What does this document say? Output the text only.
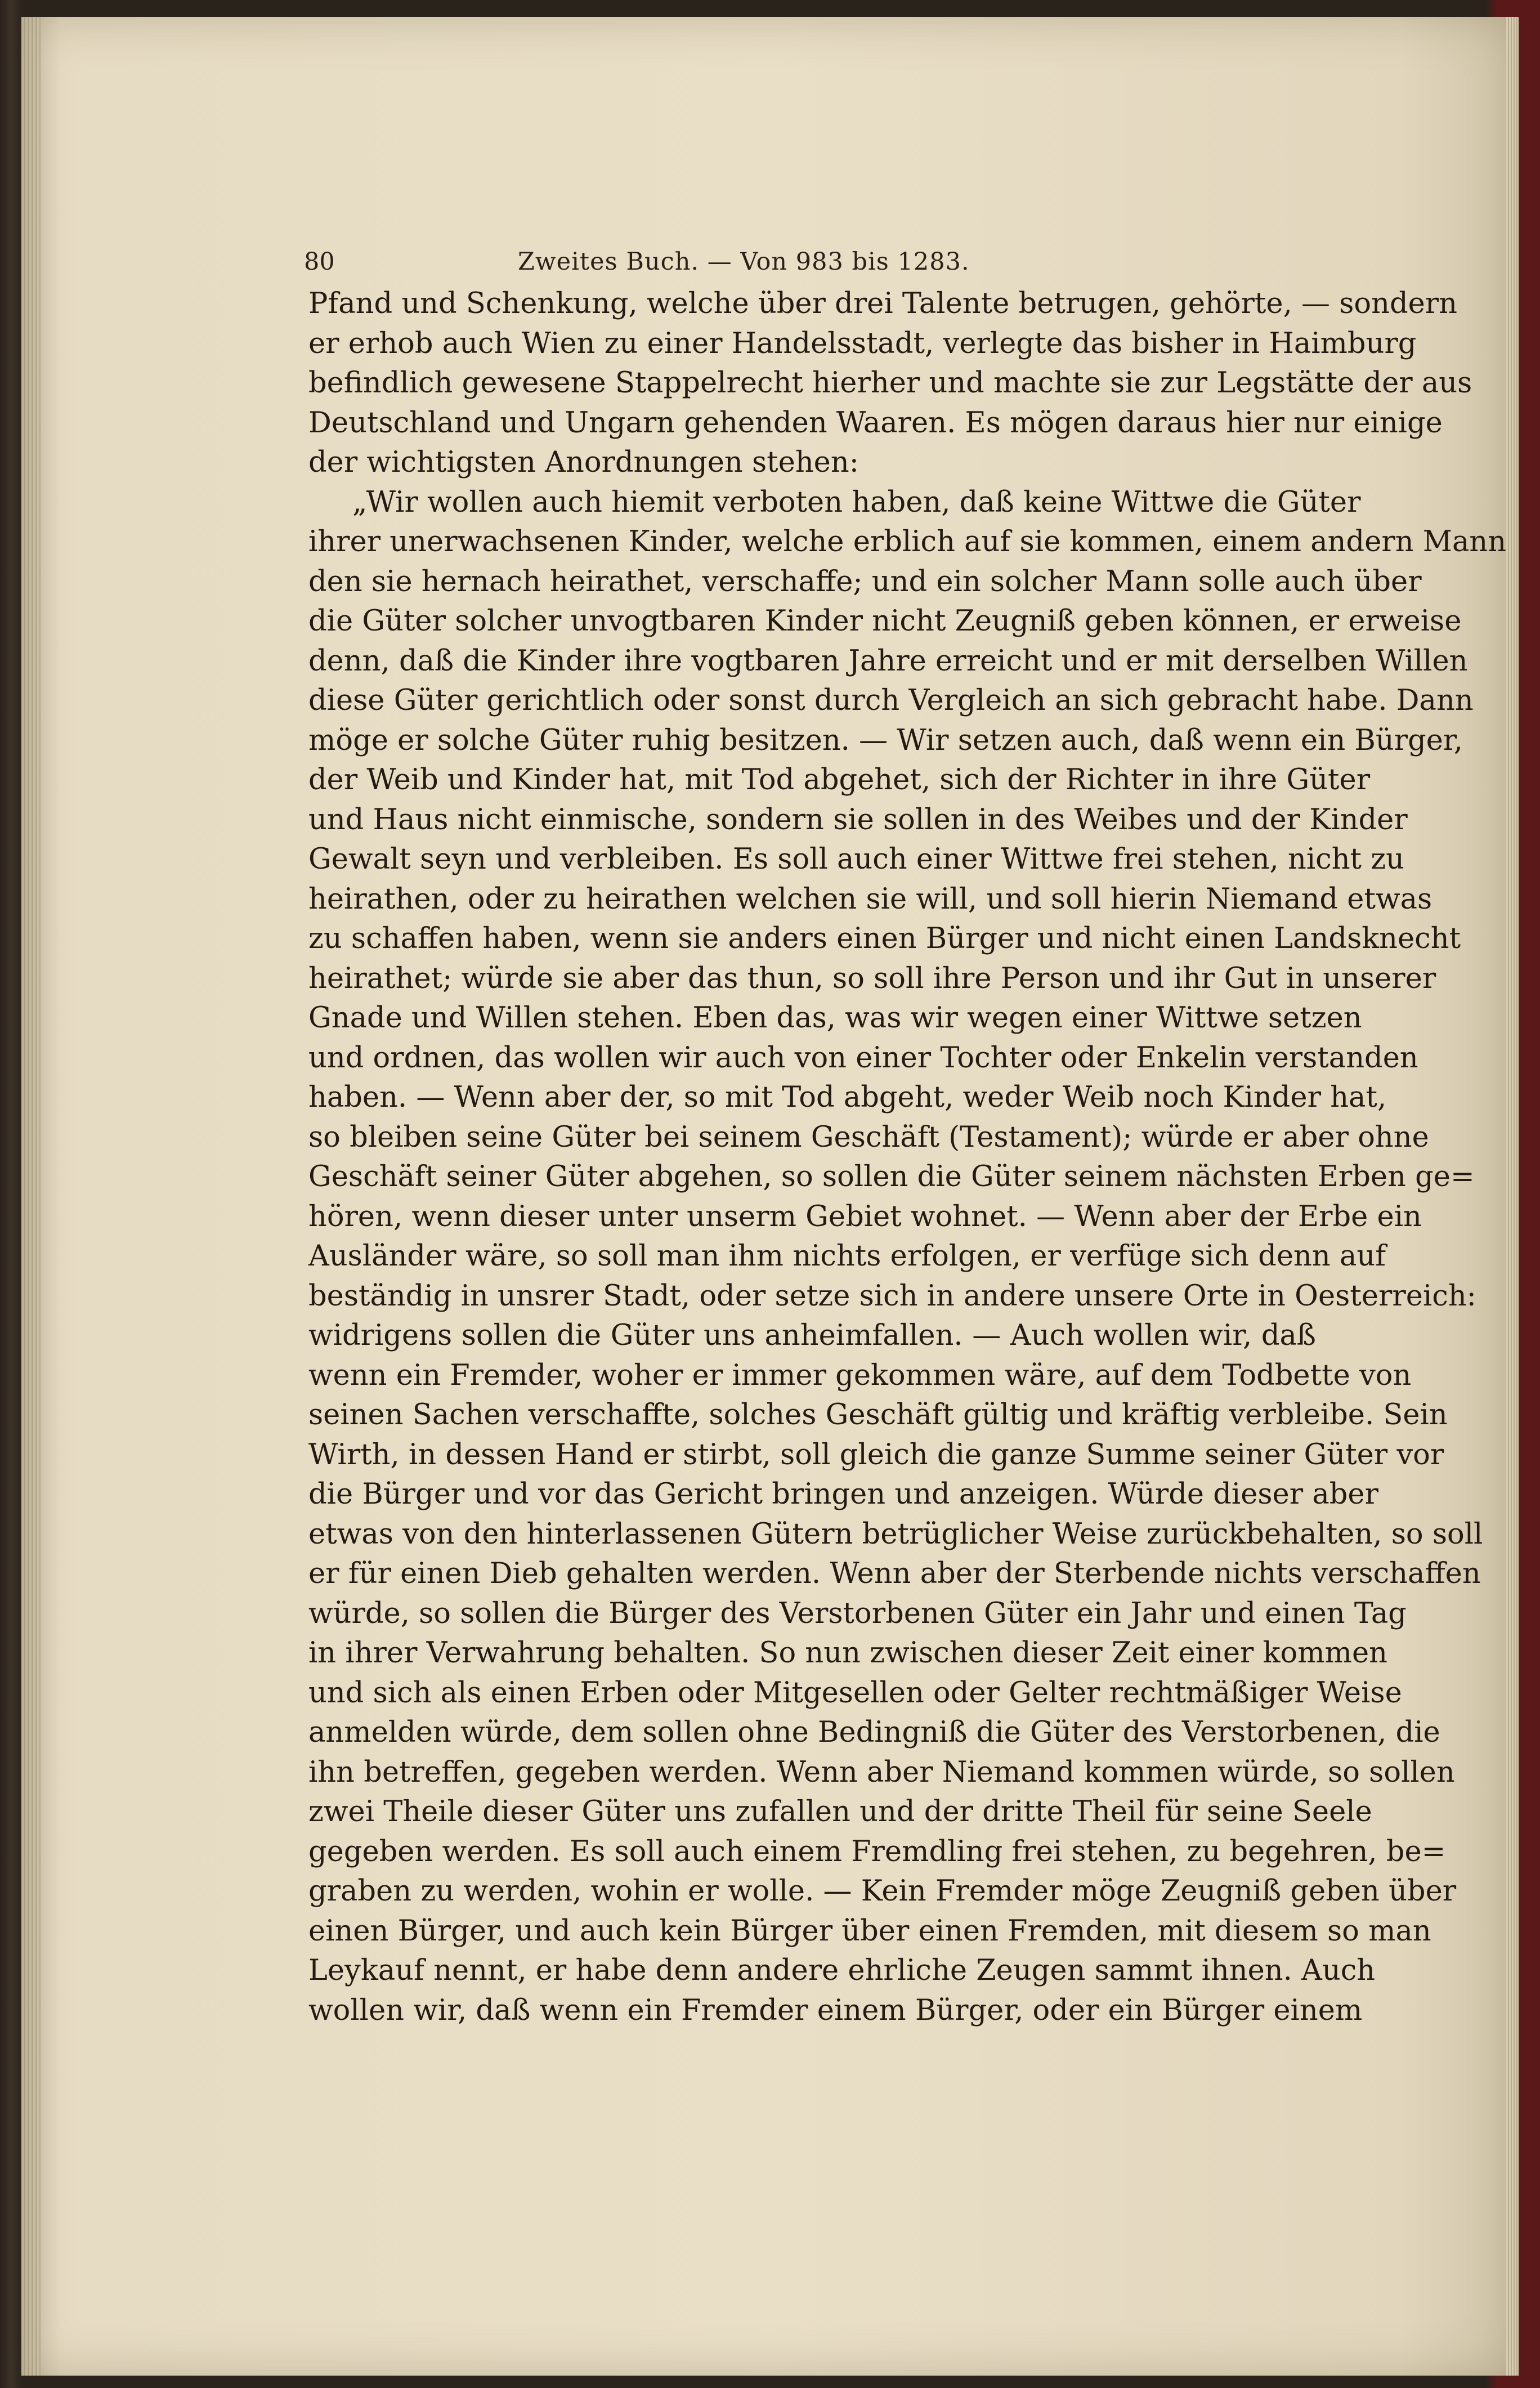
80	Zweites Buch. — Von 983 bis 1283.
Pfand und Schenkung, welche über drei Talente betrugen, gehörte, — sondern
er erhob auch Wien zu einer Handelsstadt, verlegte das bisher in Haimburg
befindlich gewesene Stappelrecht hierher und machte sie zur Legstätte der aus
Deutschland und Ungarn gehenden Waaren. Es mögen daraus hier nur einige
der wichtigsten Anordnungen stehen:
„Wir wollen auch hiemit verboten haben, daß keine Wittwe die Güter
ihrer unerwachsenen Kinder, welche erblich auf sie kommen, einem andern Mann
den sie hernach heirathet, verschaffe; und ein solcher Mann solle auch über
die Güter solcher unvogtbaren Kinder nicht Zeugniß geben können, er erweise
denn, daß die Kinder ihre vogtbaren Jahre erreicht und er mit derselben Willen
diese Güter gerichtlich oder sonst durch Vergleich an sich gebracht habe. Dann
möge er solche Güter ruhig besitzen. — Wir setzen auch, daß wenn ein Bürger,
der Weib und Kinder hat, mit Tod abgehet, sich der Richter in ihre Güter
und Haus nicht einmische, sondern sie sollen in des Weibes und der Kinder
Gewalt seyn und verbleiben. Es soll auch einer Wittwe frei stehen, nicht zu
heirathen, oder zu heirathen welchen sie will, und soll hierin Niemand etwas
zu schaffen haben, wenn sie anders einen Bürger und nicht einen Landsknecht
heirathet; würde sie aber das thun, so soll ihre Person und ihr Gut in unserer
Gnade und Willen stehen. Eben das, was wir wegen einer Wittwe setzen
und ordnen, das wollen wir auch von einer Tochter oder Enkelin verstanden
haben. — Wenn aber der, so mit Tod abgeht, weder Weib noch Kinder hat,
so bleiben seine Güter bei seinem Geschäft (Testament); würde er aber ohne
Geschäft seiner Güter abgehen, so sollen die Güter seinem nächsten Erben ge=
hören, wenn dieser unter unserm Gebiet wohnet. — Wenn aber der Erbe ein
Ausländer wäre, so soll man ihm nichts erfolgen, er verfüge sich denn auf
beständig in unsrer Stadt, oder setze sich in andere unsere Orte in Oesterreich:
widrigens sollen die Güter uns anheimfallen. — Auch wollen wir, daß
wenn ein Fremder, woher er immer gekommen wäre, auf dem Todbette von
seinen Sachen verschaffte, solches Geschäft gültig und kräftig verbleibe. Sein
Wirth, in dessen Hand er stirbt, soll gleich die ganze Summe seiner Güter vor
die Bürger und vor das Gericht bringen und anzeigen. Würde dieser aber
etwas von den hinterlassenen Gütern betrüglicher Weise zurückbehalten, so soll
er für einen Dieb gehalten werden. Wenn aber der Sterbende nichts verschaffen
würde, so sollen die Bürger des Verstorbenen Güter ein Jahr und einen Tag
in ihrer Verwahrung behalten. So nun zwischen dieser Zeit einer kommen
und sich als einen Erben oder Mitgesellen oder Gelter rechtmäßiger Weise
anmelden würde, dem sollen ohne Bedingniß die Güter des Verstorbenen, die
ihn betreffen, gegeben werden. Wenn aber Niemand kommen würde, so sollen
zwei Theile dieser Güter uns zufallen und der dritte Theil für seine Seele
gegeben werden. Es soll auch einem Fremdling frei stehen, zu begehren, be=
graben zu werden, wohin er wolle. — Kein Fremder möge Zeugniß geben über
einen Bürger, und auch kein Bürger über einen Fremden, mit diesem so man
Leykauf nennt, er habe denn andere ehrliche Zeugen sammt ihnen. Auch
wollen wir, daß wenn ein Fremder einem Bürger, oder ein Bürger einem
